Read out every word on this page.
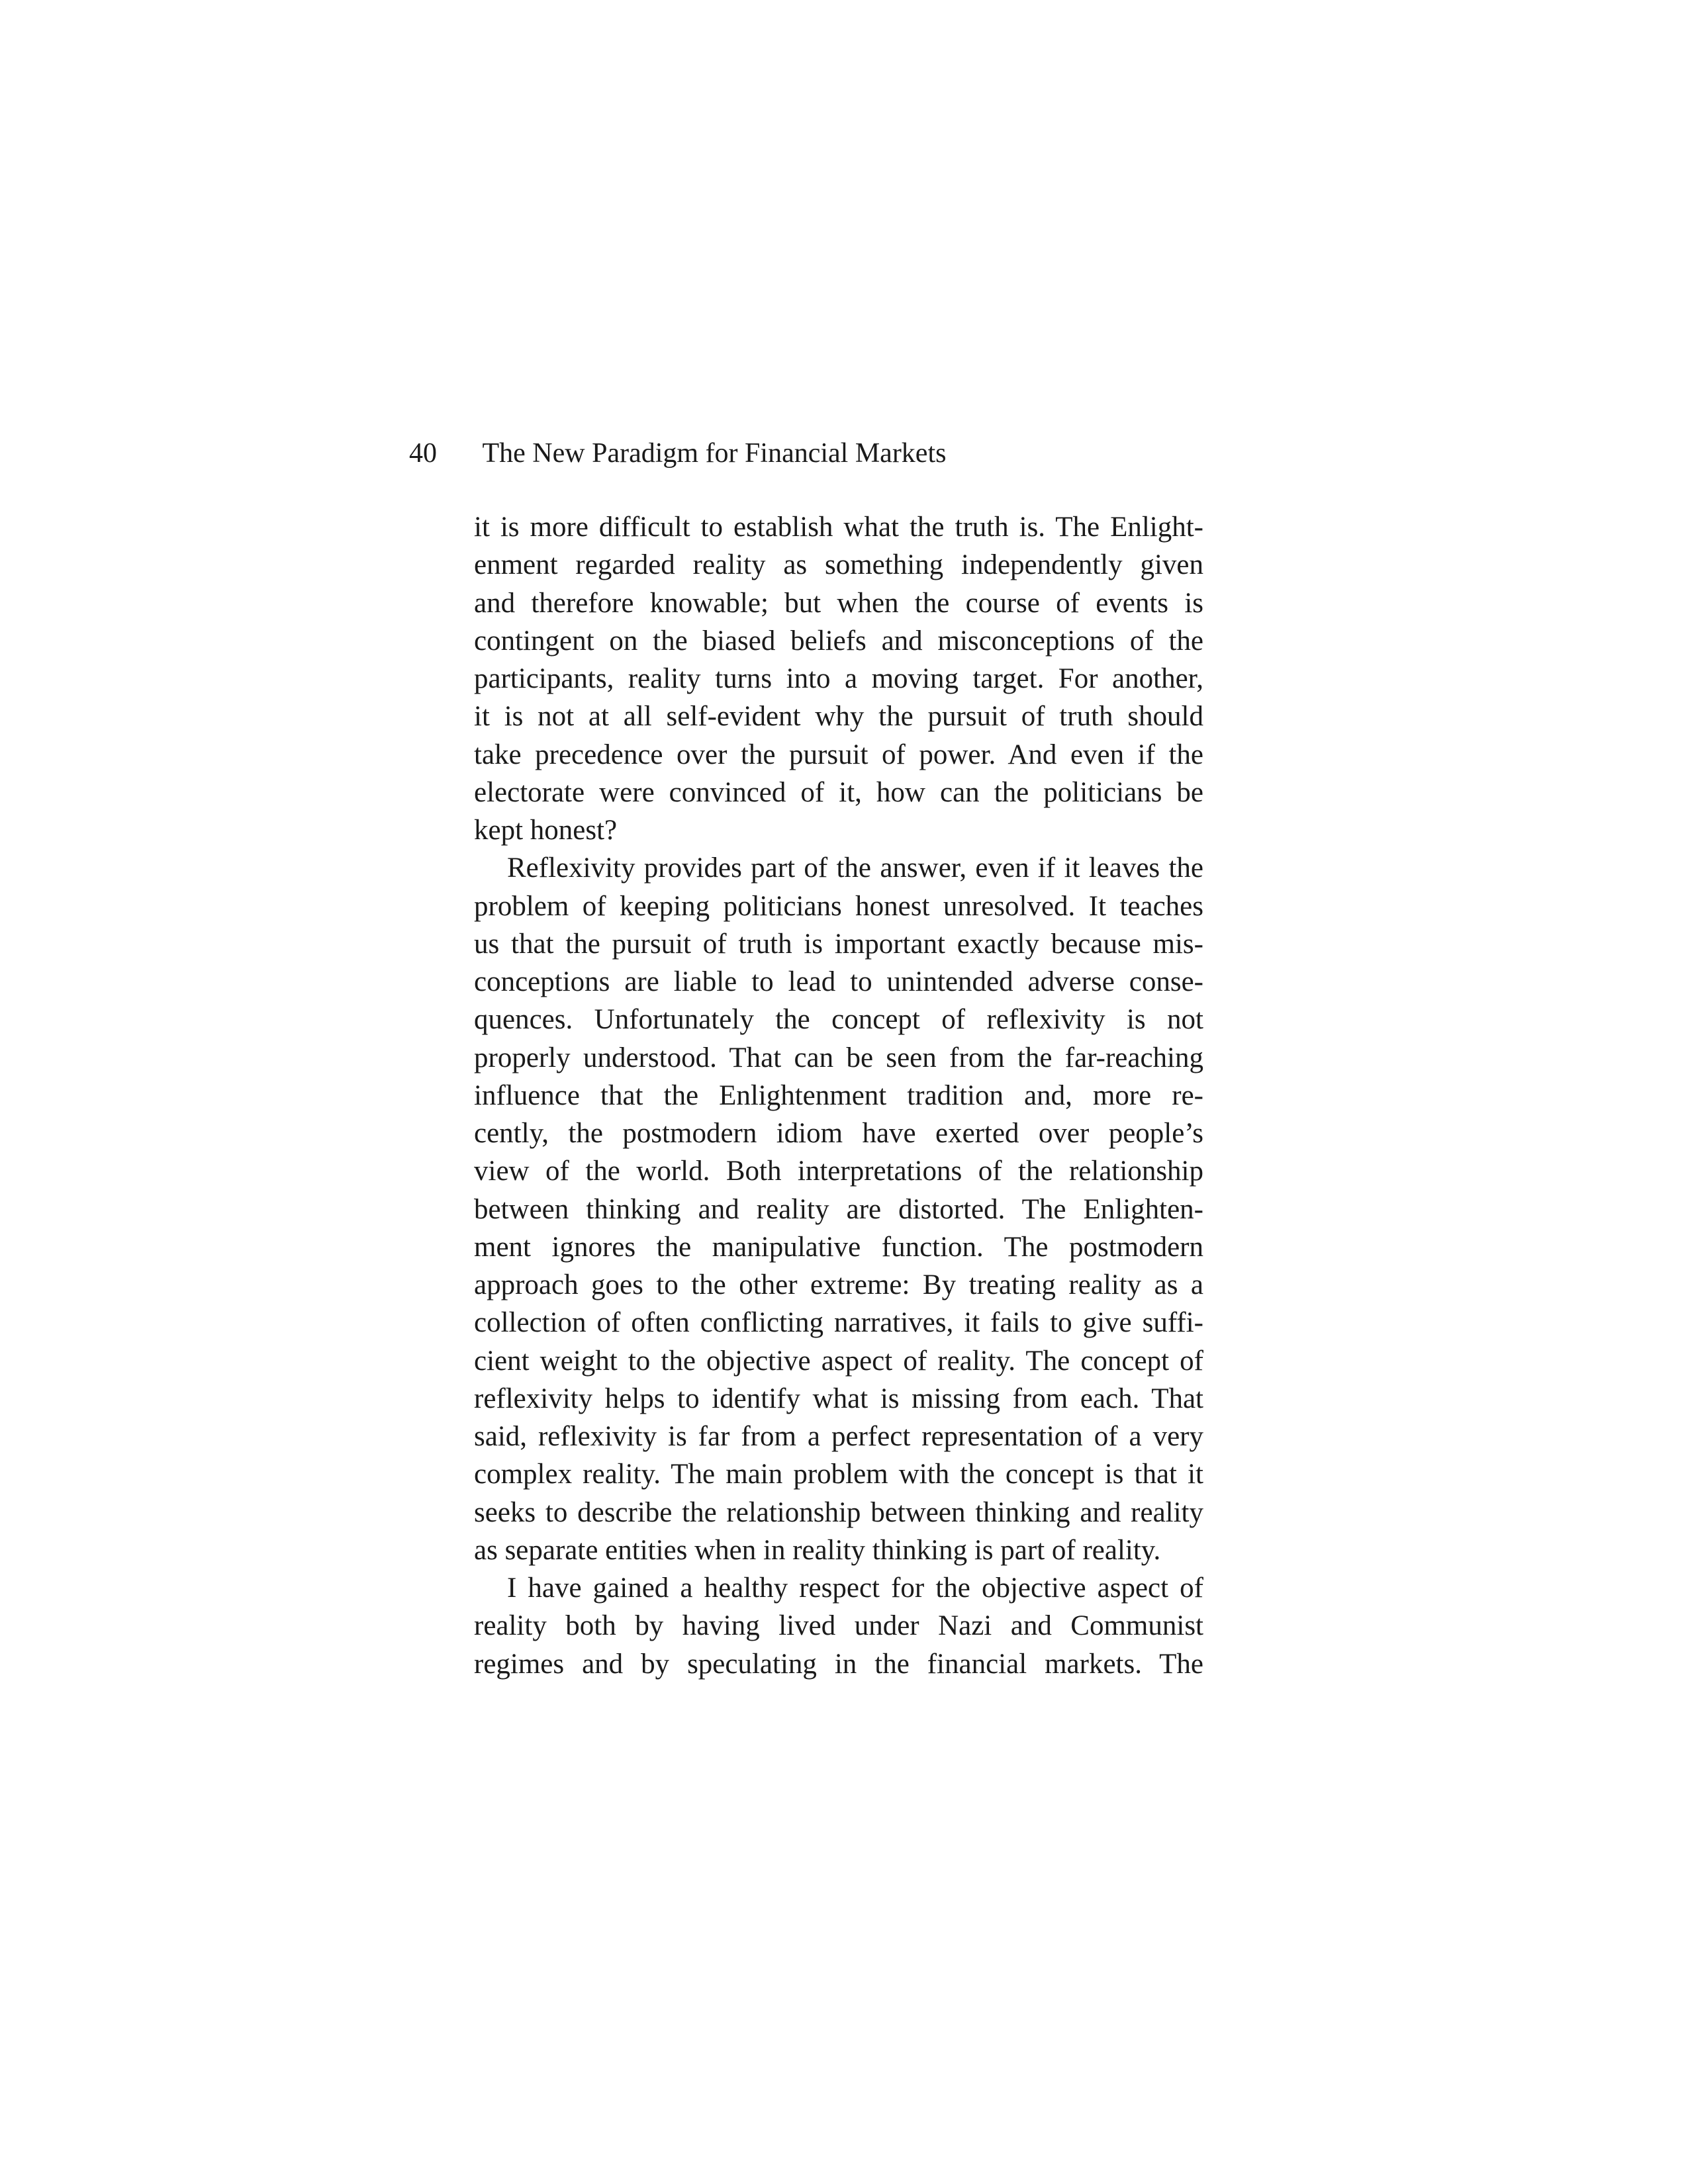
40 The New Paradigm for Financial Markets
it is more difficult to establish what the truth is. The Enlight-
enment regarded reality as something independently given
and therefore knowable; but when the course of events is
contingent on the biased beliefs and misconceptions of the
participants, reality turns into a moving target. For another,
it is not at all self-evident why the pursuit of truth should
take precedence over the pursuit of power. And even if the
electorate were convinced of it, how can the politicians be
kept honest?
Reflexivity provides part of the answer, even if it leaves the
problem of keeping politicians honest unresolved. It teaches
us that the pursuit of truth is important exactly because mis-
conceptions are liable to lead to unintended adverse conse-
quences. Unfortunately the concept of reflexivity is not
properly understood. That can be seen from the far-reaching
influence that the Enlightenment tradition and, more re-
cently, the postmodern idiom have exerted over people’s
view of the world. Both interpretations of the relationship
between thinking and reality are distorted. The Enlighten-
ment ignores the manipulative function. The postmodern
approach goes to the other extreme: By treating reality as a
collection of often conflicting narratives, it fails to give suffi-
cient weight to the objective aspect of reality. The concept of
reflexivity helps to identify what is missing from each. That
said, reflexivity is far from a perfect representation of a very
complex reality. The main problem with the concept is that it
seeks to describe the relationship between thinking and reality
as separate entities when in reality thinking is part of reality.
I have gained a healthy respect for the objective aspect of
reality both by having lived under Nazi and Communist
regimes and by speculating in the financial markets. The
